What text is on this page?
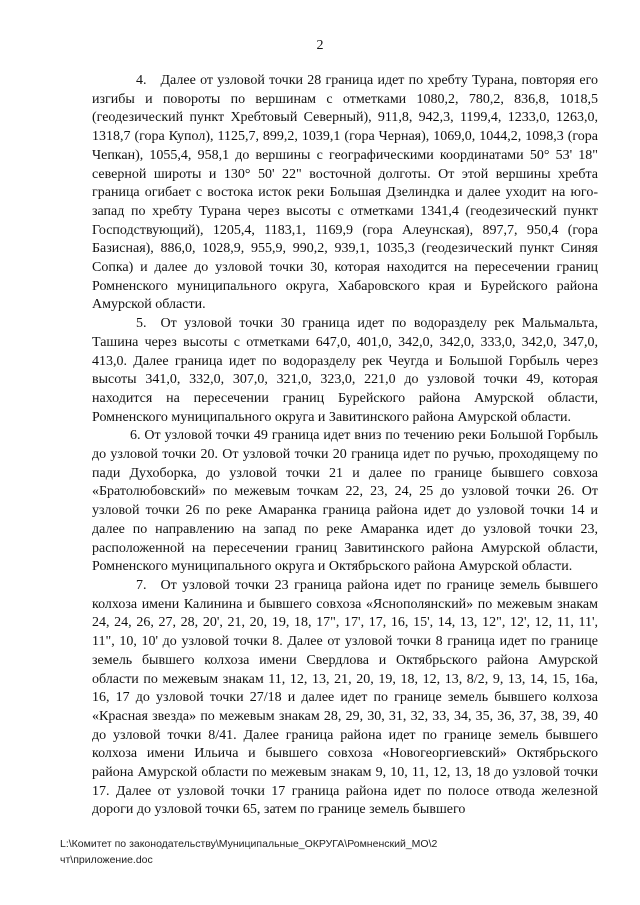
2

4. Далее от узловой точки 28 граница идет по хребту Турана, повторяя его изгибы и повороты по вершинам с отметками 1080,2, 780,2, 836,8, 1018,5 (геодезический пункт Хребтовый Северный), 911,8, 942,3, 1199,4, 1233,0, 1263,0, 1318,7 (гора Купол), 1125,7, 899,2, 1039,1 (гора Черная), 1069,0, 1044,2, 1098,3 (гора Чепкан), 1055,4, 958,1 до вершины с географическими координатами 50° 53' 18" северной широты и 130° 50' 22" восточной долготы. От этой вершины хребта граница огибает с востока исток реки Большая Дзелиндка и далее уходит на юго-запад по хребту Турана через высоты с отметками 1341,4 (геодезический пункт Господствующий), 1205,4, 1183,1, 1169,9 (гора Алеунская), 897,7, 950,4 (гора Базисная), 886,0, 1028,9, 955,9, 990,2, 939,1, 1035,3 (геодезический пункт Синяя Сопка) и далее до узловой точки 30, которая находится на пересечении границ Ромненского муниципального округа, Хабаровского края и Бурейского района Амурской области.

5. От узловой точки 30 граница идет по водоразделу рек Мальмальта, Ташина через высоты с отметками 647,0, 401,0, 342,0, 342,0, 333,0, 342,0, 347,0, 413,0. Далее граница идет по водоразделу рек Чеугда и Большой Горбыль через высоты 341,0, 332,0, 307,0, 321,0, 323,0, 221,0 до узловой точки 49, которая находится на пересечении границ Бурейского района Амурской области, Ромненского муниципального округа и Завитинского района Амурской области.

6. От узловой точки 49 граница идет вниз по течению реки Большой Горбыль до узловой точки 20. От узловой точки 20 граница идет по ручью, проходящему по пади Духоборка, до узловой точки 21 и далее по границе бывшего совхоза «Братолюбовский» по межевым точкам 22, 23, 24, 25 до узловой точки 26. От узловой точки 26 по реке Амаранка граница района идет до узловой точки 14 и далее по направлению на запад по реке Амаранка идет до узловой точки 23, расположенной на пересечении границ Завитинского района Амурской области, Ромненского муниципального округа и Октябрьского района Амурской области.

7. От узловой точки 23 граница района идет по границе земель бывшего колхоза имени Калинина и бывшего совхоза «Яснополянский» по межевым знакам 24, 24, 26, 27, 28, 20', 21, 20, 19, 18, 17", 17', 17, 16, 15', 14, 13, 12", 12', 12, 11, 11', 11", 10, 10' до узловой точки 8. Далее от узловой точки 8 граница идет по границе земель бывшего колхоза имени Свердлова и Октябрьского района Амурской области по межевым знакам 11, 12, 13, 21, 20, 19, 18, 12, 13, 8/2, 9, 13, 14, 15, 16а, 16, 17 до узловой точки 27/18 и далее идет по границе земель бывшего колхоза «Красная звезда» по межевым знакам 28, 29, 30, 31, 32, 33, 34, 35, 36, 37, 38, 39, 40 до узловой точки 8/41. Далее граница района идет по границе земель бывшего колхоза имени Ильича и бывшего совхоза «Новогеоргиевский» Октябрьского района Амурской области по межевым знакам 9, 10, 11, 12, 13, 18 до узловой точки 17. Далее от узловой точки 17 граница района идет по полосе отвода железной дороги до узловой точки 65, затем по границе земель бывшего

L:\Комитет по законодательству\Муниципальные_ОКРУГА\Ромненский_МО\2
чт\приложение.doc
